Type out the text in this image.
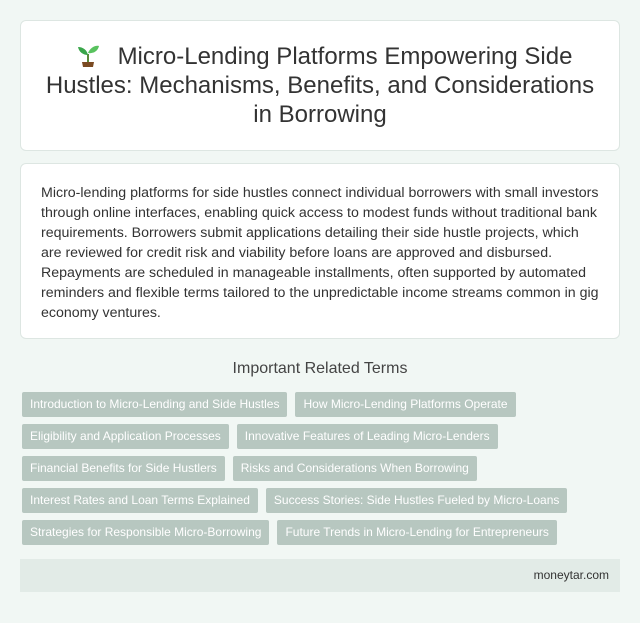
Micro-Lending Platforms Empowering Side Hustles: Mechanisms, Benefits, and Considerations in Borrowing

Micro-lending platforms for side hustles connect individual borrowers with small investors through online interfaces, enabling quick access to modest funds without traditional bank requirements. Borrowers submit applications detailing their side hustle projects, which are reviewed for credit risk and viability before loans are approved and disbursed. Repayments are scheduled in manageable installments, often supported by automated reminders and flexible terms tailored to the unpredictable income streams common in gig economy ventures.

Important Related Terms
Introduction to Micro-Lending and Side Hustles	How Micro-Lending Platforms Operate
Eligibility and Application Processes	Innovative Features of Leading Micro-Lenders
Financial Benefits for Side Hustlers	Risks and Considerations When Borrowing
Interest Rates and Loan Terms Explained	Success Stories: Side Hustles Fueled by Micro-Loans
Strategies for Responsible Micro-Borrowing	Future Trends in Micro-Lending for Entrepreneurs
moneytar.com
